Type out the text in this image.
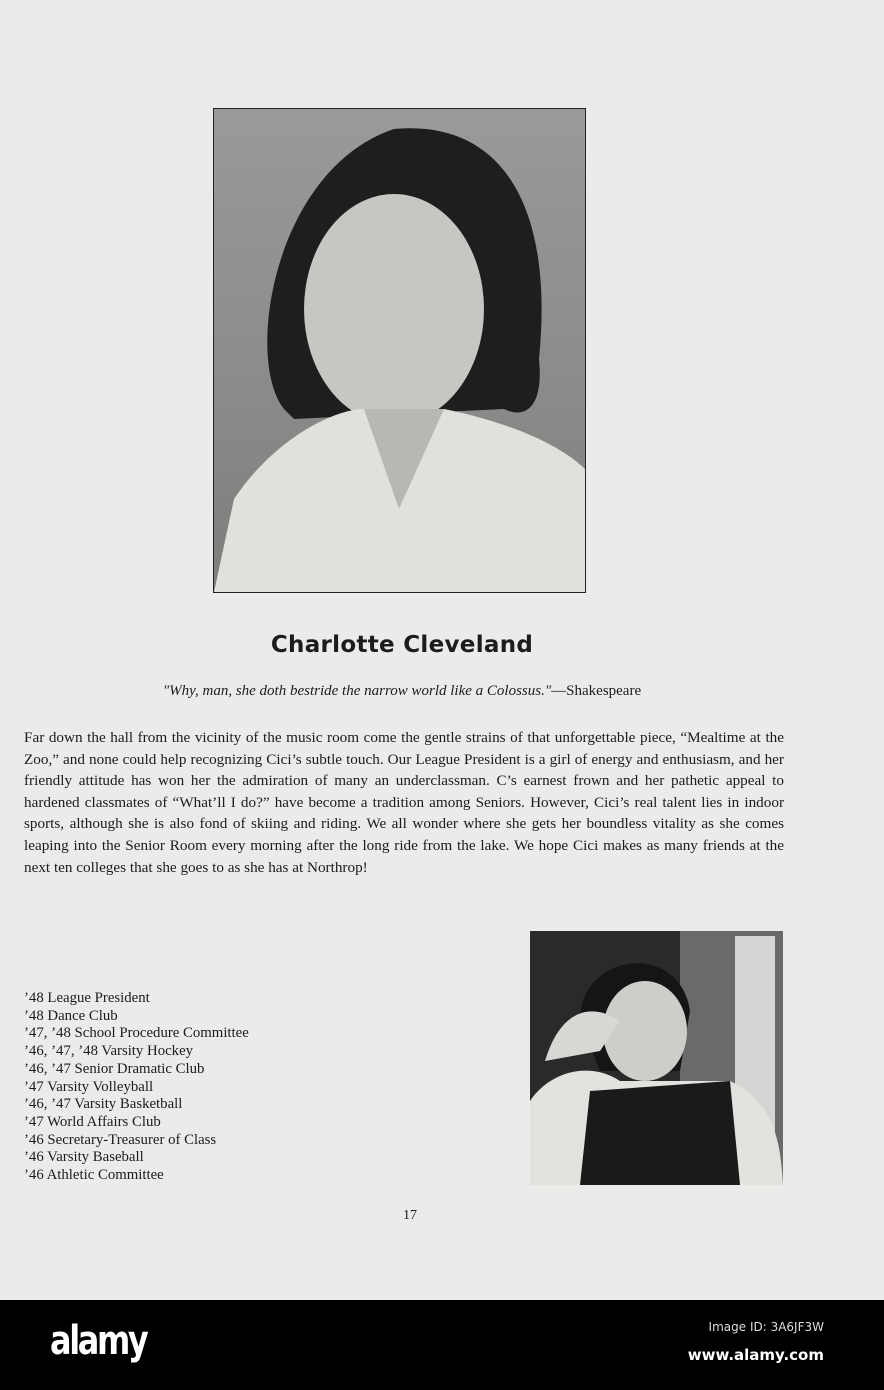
Charlotte Cleveland
"Why, man, she doth bestride the narrow world like a Colossus."—Shakespeare
Far down the hall from the vicinity of the music room come the gentle strains of that unforgettable piece, “Mealtime at the Zoo,” and none could help recognizing Cici’s subtle touch. Our League President is a girl of energy and enthusiasm, and her friendly attitude has won her the admiration of many an underclassman. C’s earnest frown and her pathetic appeal to hardened classmates of “What’ll I do?” have become a tradition among Seniors. However, Cici’s real talent lies in indoor sports, although she is also fond of skiing and riding. We all wonder where she gets her boundless vitality as she comes leaping into the Senior Room every morning after the long ride from the lake. We hope Cici makes as many friends at the next ten colleges that she goes to as she has at Northrop!
’48 League President
’48 Dance Club
’47, ’48 School Procedure Committee
’46, ’47, ’48 Varsity Hockey
’46, ’47 Senior Dramatic Club
’47 Varsity Volleyball
’46, ’47 Varsity Basketball
’47 World Affairs Club
’46 Secretary-Treasurer of Class
’46 Varsity Baseball
’46 Athletic Committee
17
alamy	Image ID: 3A6JF3W
www.alamy.com
